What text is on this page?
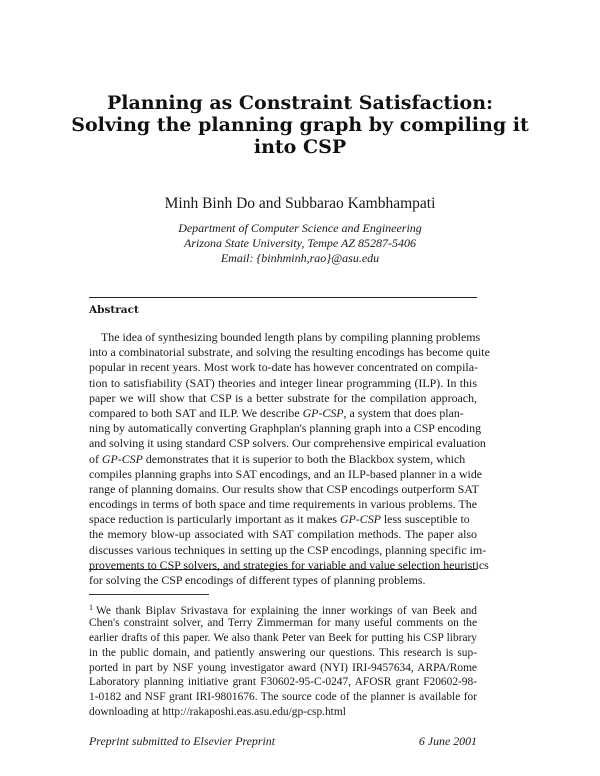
Planning as Constraint Satisfaction:
Solving the planning graph by compiling it
into CSP
Minh Binh Do and Subbarao Kambhampati
Department of Computer Science and Engineering
Arizona State University, Tempe AZ 85287-5406
Email: {binhminh,rao}@asu.edu
Abstract
The idea of synthesizing bounded length plans by compiling planning problems
into a combinatorial substrate, and solving the resulting encodings has become quite
popular in recent years. Most work to-date has however concentrated on compila-
tion to satisfiability (SAT) theories and integer linear programming (ILP). In this
paper we will show that CSP is a better substrate for the compilation approach,
compared to both SAT and ILP. We describe GP-CSP, a system that does plan-
ning by automatically converting Graphplan's planning graph into a CSP encoding
and solving it using standard CSP solvers. Our comprehensive empirical evaluation
of GP-CSP demonstrates that it is superior to both the Blackbox system, which
compiles planning graphs into SAT encodings, and an ILP-based planner in a wide
range of planning domains. Our results show that CSP encodings outperform SAT
encodings in terms of both space and time requirements in various problems. The
space reduction is particularly important as it makes GP-CSP less susceptible to
the memory blow-up associated with SAT compilation methods. The paper also
discusses various techniques in setting up the CSP encodings, planning specific im-
provements to CSP solvers, and strategies for variable and value selection heuristics
for solving the CSP encodings of different types of planning problems.
$^1$ We thank Biplav Srivastava for explaining the inner workings of van Beek and
Chen's constraint solver, and Terry Zimmerman for many useful comments on the
earlier drafts of this paper. We also thank Peter van Beek for putting his CSP library
in the public domain, and patiently answering our questions. This research is sup-
ported in part by NSF young investigator award (NYI) IRI-9457634, ARPA/Rome
Laboratory planning initiative grant F30602-95-C-0247, AFOSR grant F20602-98-
1-0182 and NSF grant IRI-9801676. The source code of the planner is available for
downloading at http://rakaposhi.eas.asu.edu/gp-csp.html
Preprint submitted to Elsevier Preprint	6 June 2001
